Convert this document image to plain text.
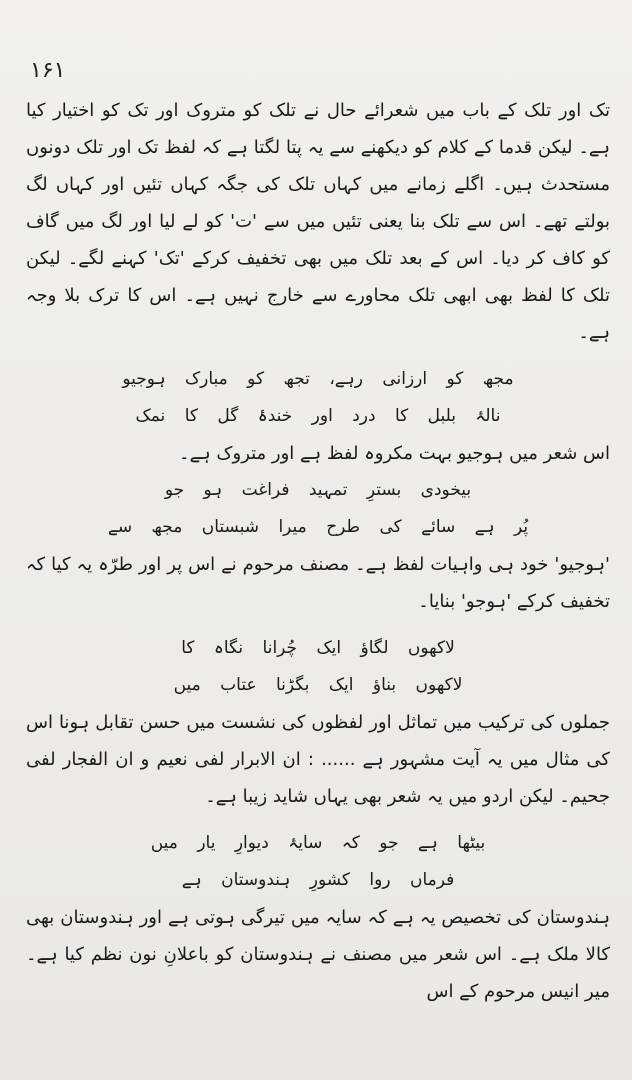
۱۶۱

تک اور تلک کے باب میں شعرائے حال نے تلک کو متروک اور تک کو اختیار کیا ہے۔ لیکن قدما کے کلام کو دیکھنے سے یہ پتا لگتا ہے کہ لفظ تک اور تلک دونوں مستحدث ہیں۔ اگلے زمانے میں کہاں تلک کی جگہ کہاں تئیں اور کہاں لگ بولتے تھے۔ اس سے تلک بنا یعنی تئیں میں سے 'ت' کو لے لیا اور لگ میں گاف کو کاف کر دیا۔ اس کے بعد تلک میں بھی تخفیف کرکے 'تک' کہنے لگے۔ لیکن تلک کا لفظ بھی ابھی تلک محاورے سے خارج نہیں ہے۔ اس کا ترک بلا وجہ ہے۔

مجھ کو ارزانی رہے، تجھ کو مبارک ہوجیو
نالۂ بلبل کا درد اور خندۂ گل کا نمک

اس شعر میں ہوجیو بہت مکروہ لفظ ہے اور متروک ہے۔

بیخودی بسترِ تمہید فراغت ہو جو
پُر ہے سائے کی طرح میرا شبستاں مجھ سے

'ہوجیو' خود ہی واہیات لفظ ہے۔ مصنف مرحوم نے اس پر اور طرّہ یہ کیا کہ تخفیف کرکے 'ہوجو' بنایا۔

لاکھوں لگاؤ ایک چُرانا نگاہ کا
لاکھوں بناؤ ایک بگڑنا عتاب میں

جملوں کی ترکیب میں تماثل اور لفظوں کی نشست میں حسن تقابل ہونا اس کی مثال میں یہ آیت مشہور ہے ...... : ان الابرار لفی نعیم و ان الفجار لفی جحیم۔ لیکن اردو میں یہ شعر بھی یہاں شاید زیبا ہے۔

بیٹھا ہے جو کہ سایۂ دیوارِ یار میں
فرماں روا کشورِ ہندوستان ہے

ہندوستان کی تخصیص یہ ہے کہ سایہ میں تیرگی ہوتی ہے اور ہندوستان بھی کالا ملک ہے۔ اس شعر میں مصنف نے ہندوستان کو باعلانِ نون نظم کیا ہے۔ میر انیس مرحوم کے اس
